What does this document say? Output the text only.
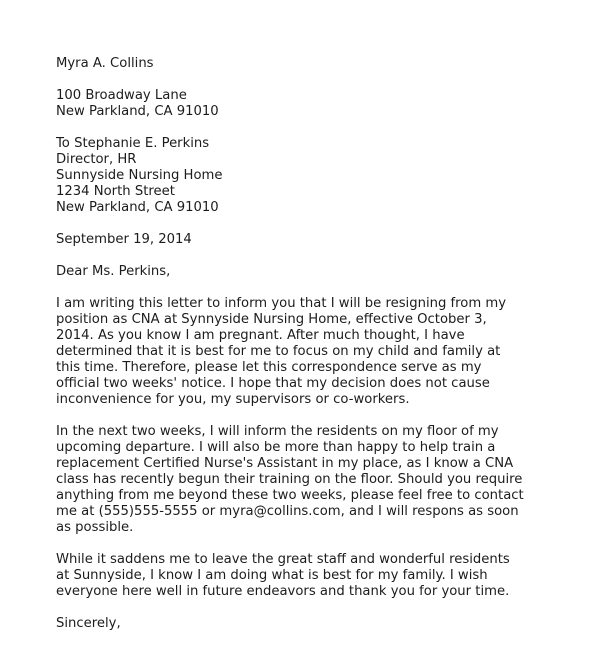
Myra A. Collins
100 Broadway Lane
New Parkland, CA 91010
To Stephanie E. Perkins
Director, HR
Sunnyside Nursing Home
1234 North Street
New Parkland, CA 91010
September 19, 2014
Dear Ms. Perkins,
I am writing this letter to inform you that I will be resigning from my
position as CNA at Synnyside Nursing Home, effective October 3,
2014. As you know I am pregnant. After much thought, I have
determined that it is best for me to focus on my child and family at
this time. Therefore, please let this correspondence serve as my
official two weeks' notice. I hope that my decision does not cause
inconvenience for you, my supervisors or co-workers.
In the next two weeks, I will inform the residents on my floor of my
upcoming departure. I will also be more than happy to help train a
replacement Certified Nurse's Assistant in my place, as I know a CNA
class has recently begun their training on the floor. Should you require
anything from me beyond these two weeks, please feel free to contact
me at (555)555-5555 or myra@collins.com, and I will respons as soon
as possible.
While it saddens me to leave the great staff and wonderful residents
at Sunnyside, I know I am doing what is best for my family. I wish
everyone here well in future endeavors and thank you for your time.
Sincerely,
